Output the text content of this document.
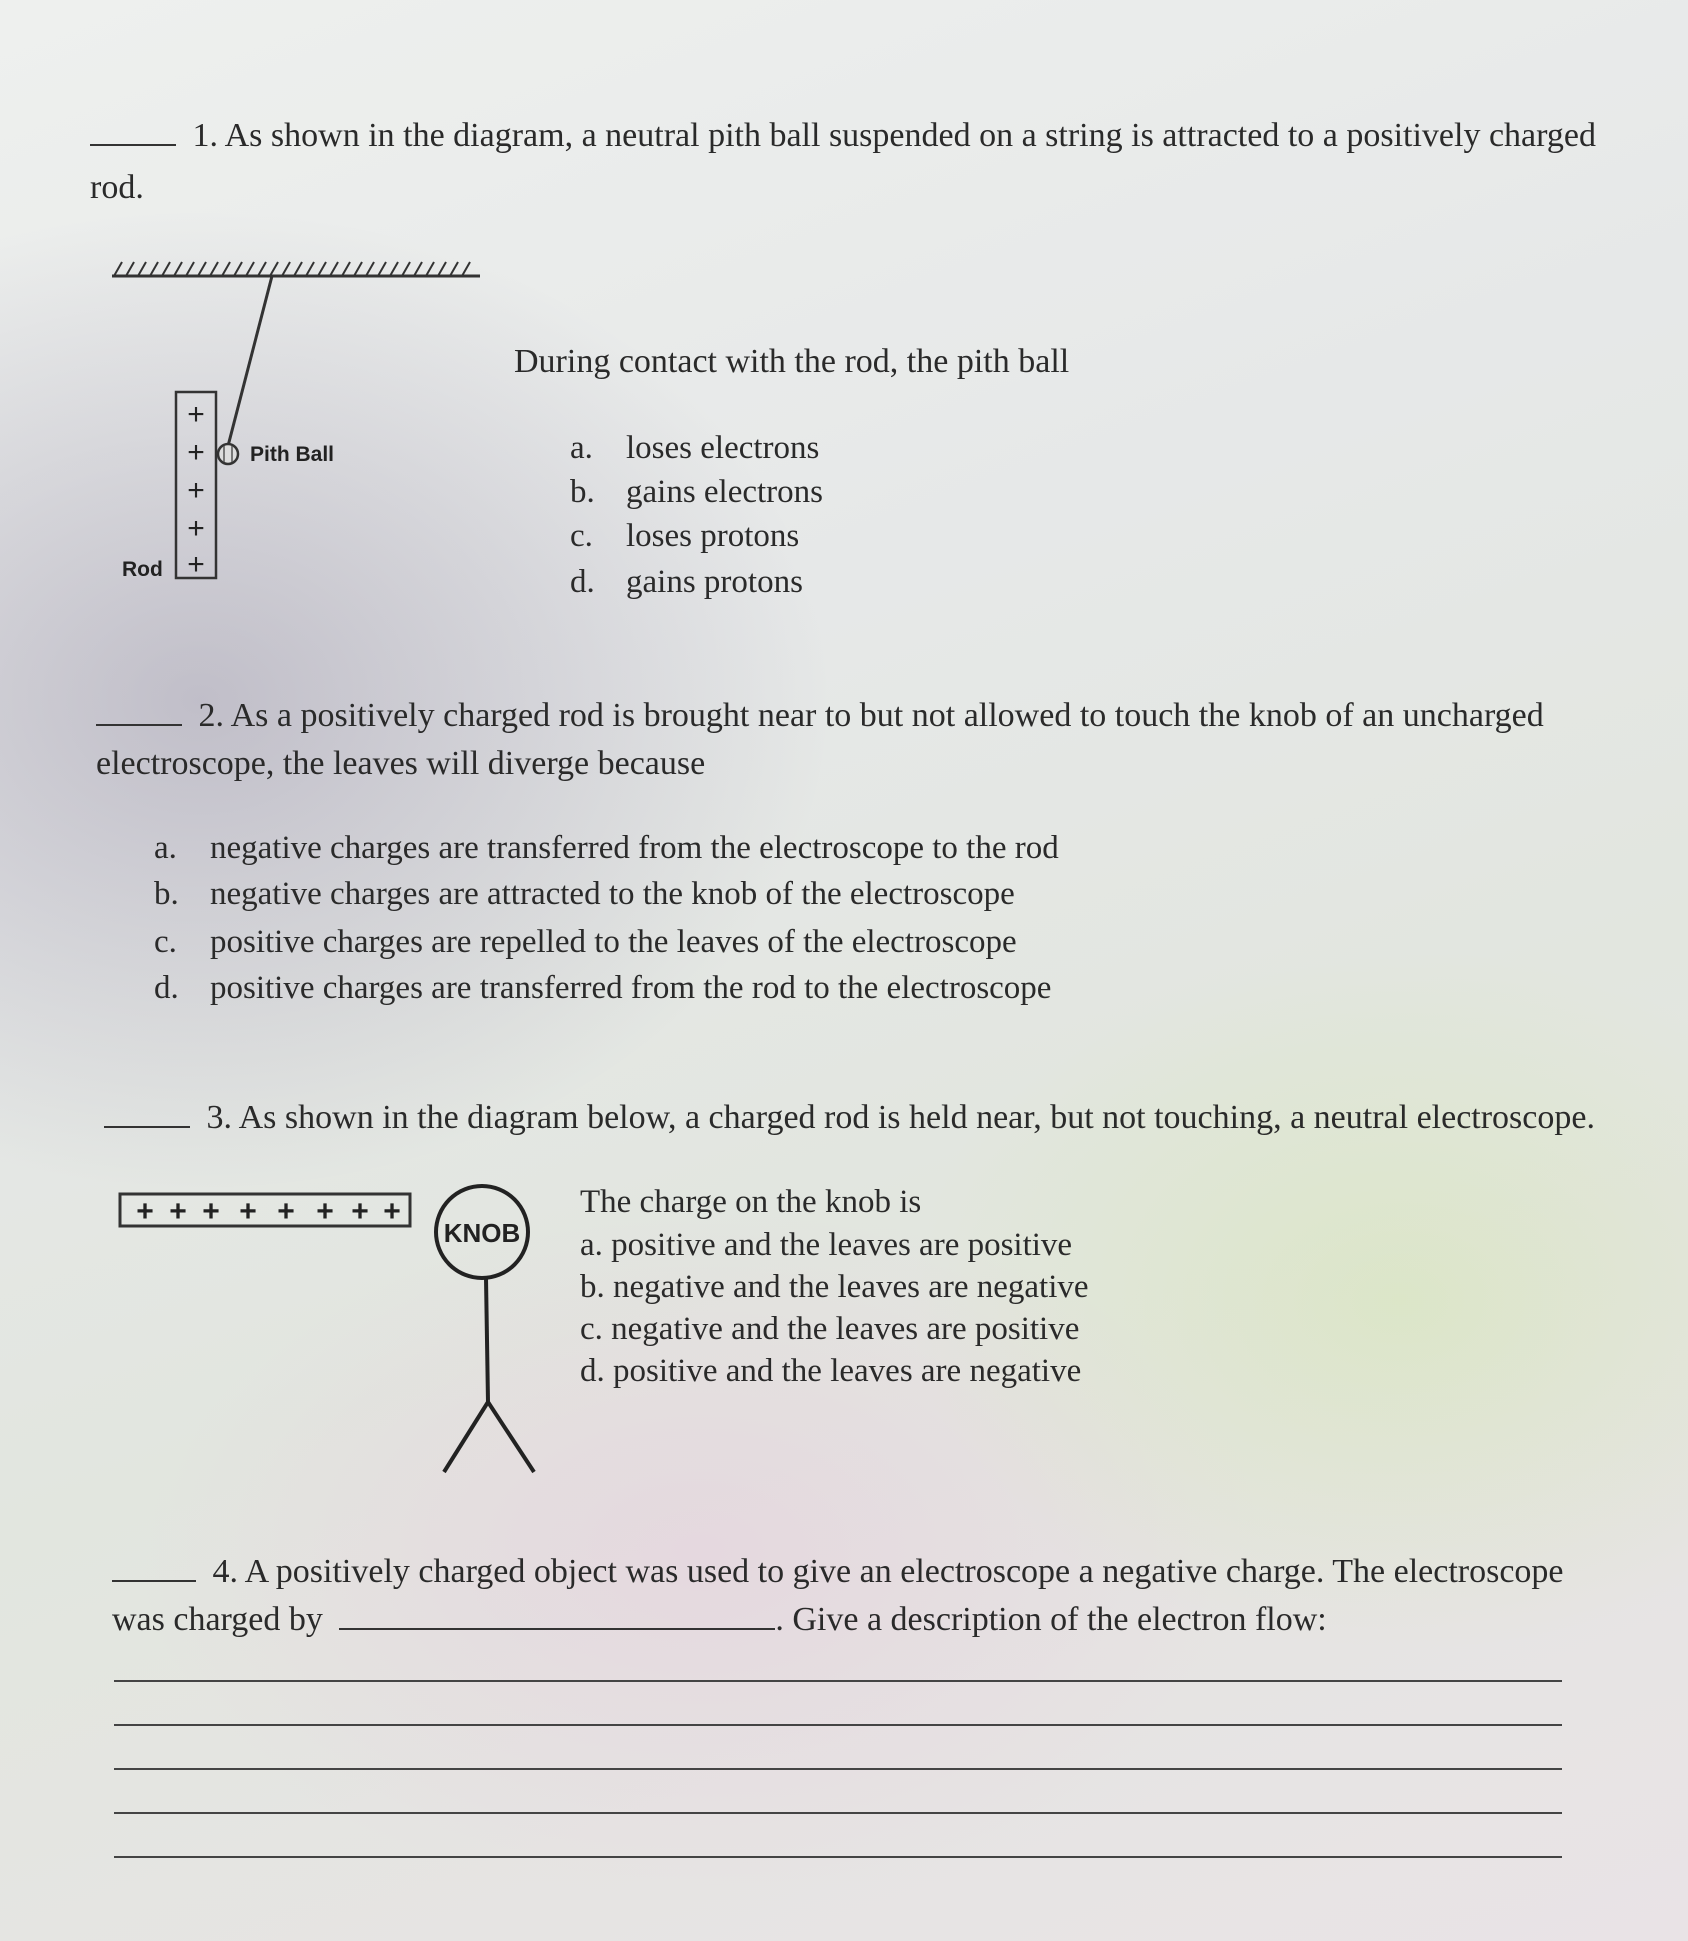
1. As shown in the diagram, a neutral pith ball suspended on a string is attracted to a positively charged
rod.
Pith Ball
+
+
+
+
+
Rod
During contact with the rod, the pith ball
a. loses electrons
b. gains electrons
c. loses protons
d. gains protons
2. As a positively charged rod is brought near to but not allowed to touch the knob of an uncharged
electroscope, the leaves will diverge because
a. negative charges are transferred from the electroscope to the rod
b. negative charges are attracted to the knob of the electroscope
c. positive charges are repelled to the leaves of the electroscope
d. positive charges are transferred from the rod to the electroscope
3. As shown in the diagram below, a charged rod is held near, but not touching, a neutral electroscope.
+ + + + + + + +
KNOB
The charge on the knob is
a. positive and the leaves are positive
b. negative and the leaves are negative
c. negative and the leaves are positive
d. positive and the leaves are negative
4. A positively charged object was used to give an electroscope a negative charge. The electroscope
was charged by	. Give a description of the electron flow:
